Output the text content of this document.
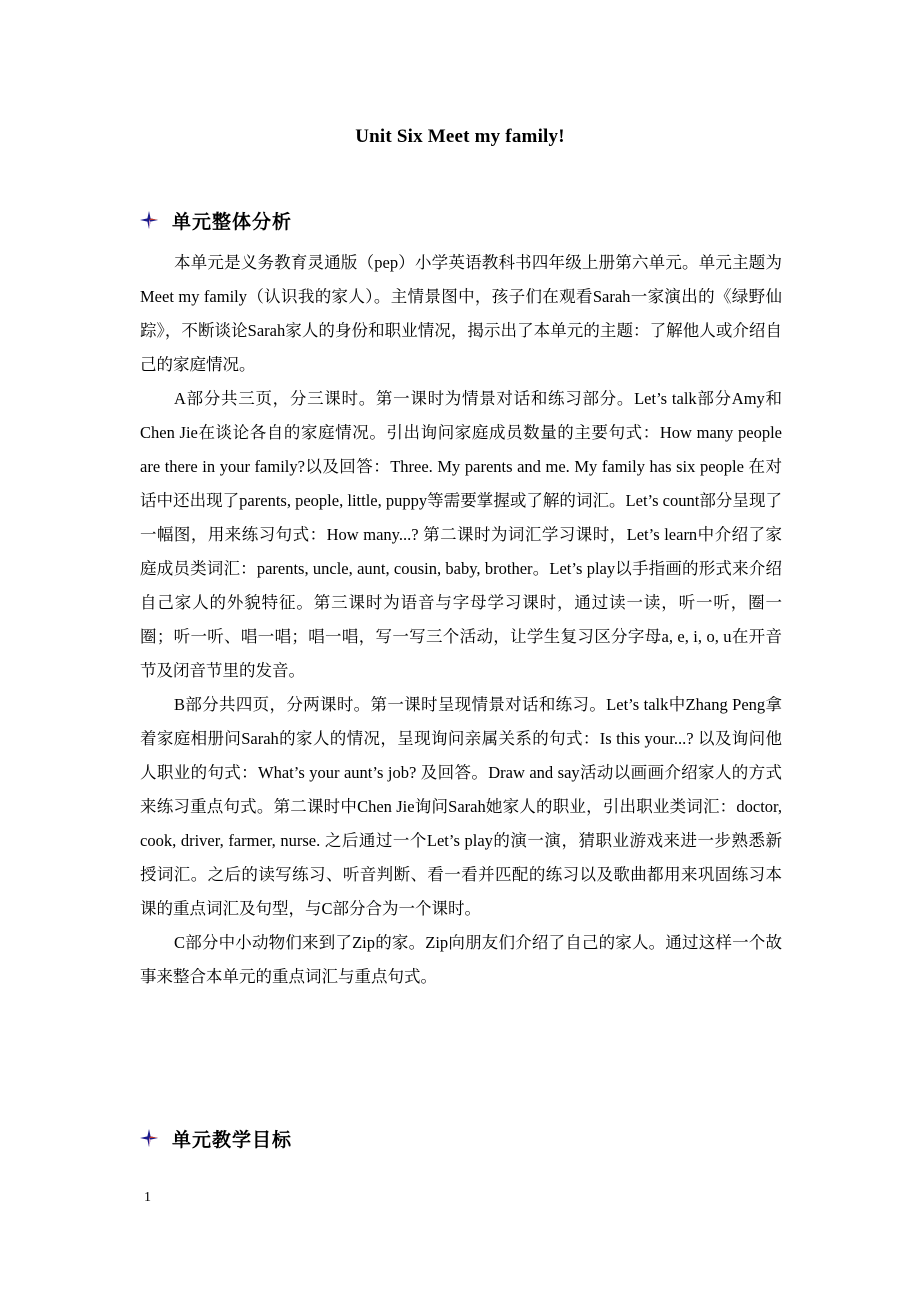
Unit Six Meet my family!
单元整体分析

本单元是义务教育灵通版（pep）小学英语教科书四年级上册第六单元。单元主题为Meet my family（认识我的家人）。主情景图中，孩子们在观看Sarah一家演出的《绿野仙踪》，不断谈论Sarah家人的身份和职业情况，揭示出了本单元的主题：了解他人或介绍自己的家庭情况。

A部分共三页，分三课时。第一课时为情景对话和练习部分。Let’s talk部分Amy和Chen Jie在谈论各自的家庭情况。引出询问家庭成员数量的主要句式：How many people are there in your family?以及回答：Three. My parents and me. My family has six people 在对话中还出现了parents, people, little, puppy等需要掌握或了解的词汇。Let’s count部分呈现了一幅图，用来练习句式：How many...? 第二课时为词汇学习课时，Let’s learn中介绍了家庭成员类词汇：parents, uncle, aunt, cousin, baby, brother。Let’s play以手指画的形式来介绍自己家人的外貌特征。第三课时为语音与字母学习课时，通过读一读，听一听，圈一圈；听一听、唱一唱；唱一唱，写一写三个活动，让学生复习区分字母a, e, i, o, u在开音节及闭音节里的发音。

B部分共四页，分两课时。第一课时呈现情景对话和练习。Let’s talk中Zhang Peng拿着家庭相册问Sarah的家人的情况，呈现询问亲属关系的句式：Is this your...? 以及询问他人职业的句式：What’s your aunt’s job? 及回答。Draw and say活动以画画介绍家人的方式来练习重点句式。第二课时中Chen Jie询问Sarah她家人的职业，引出职业类词汇：doctor, cook, driver, farmer, nurse. 之后通过一个Let’s play的演一演，猜职业游戏来进一步熟悉新授词汇。之后的读写练习、听音判断、看一看并匹配的练习以及歌曲都用来巩固练习本课的重点词汇及句型，与C部分合为一个课时。

C部分中小动物们来到了Zip的家。Zip向朋友们介绍了自己的家人。通过这样一个故事来整合本单元的重点词汇与重点句式。

单元教学目标
1
